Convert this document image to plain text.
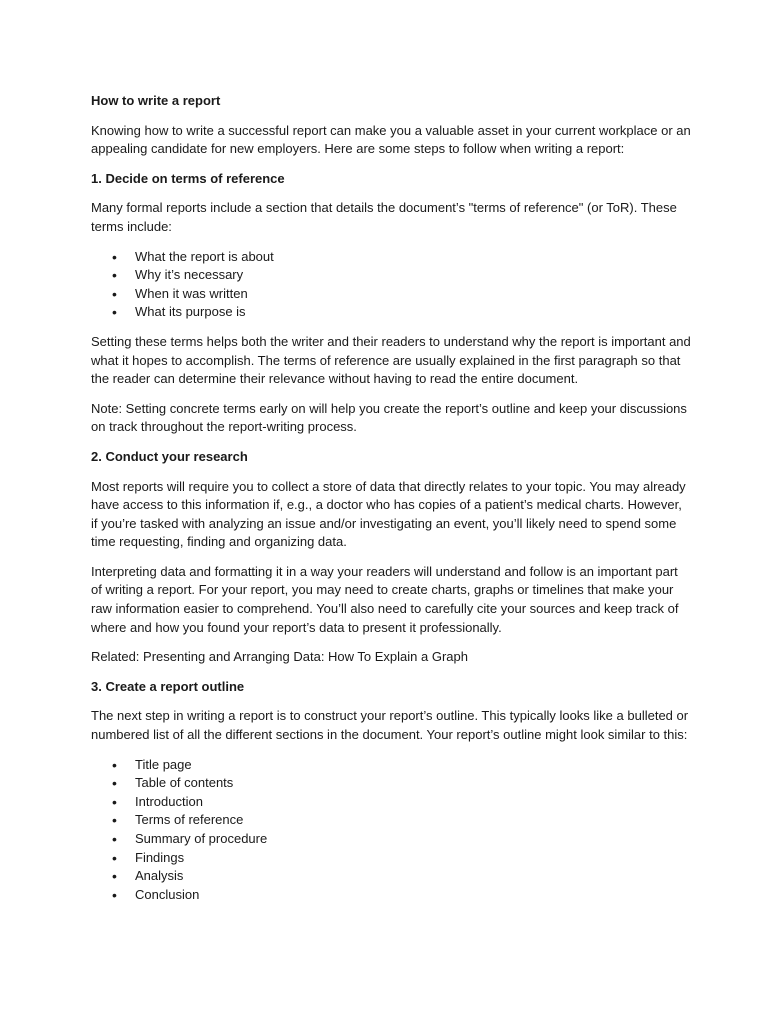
How to write a report
Knowing how to write a successful report can make you a valuable asset in your current workplace or an appealing candidate for new employers. Here are some steps to follow when writing a report:
1. Decide on terms of reference
Many formal reports include a section that details the document’s "terms of reference" (or ToR). These terms include:
• What the report is about
• Why it’s necessary
• When it was written
• What its purpose is
Setting these terms helps both the writer and their readers to understand why the report is important and what it hopes to accomplish. The terms of reference are usually explained in the first paragraph so that the reader can determine their relevance without having to read the entire document.
Note: Setting concrete terms early on will help you create the report’s outline and keep your discussions on track throughout the report-writing process.
2. Conduct your research
Most reports will require you to collect a store of data that directly relates to your topic. You may already have access to this information if, e.g., a doctor who has copies of a patient’s medical charts. However, if you’re tasked with analyzing an issue and/or investigating an event, you’ll likely need to spend some time requesting, finding and organizing data.
Interpreting data and formatting it in a way your readers will understand and follow is an important part of writing a report. For your report, you may need to create charts, graphs or timelines that make your raw information easier to comprehend. You’ll also need to carefully cite your sources and keep track of where and how you found your report’s data to present it professionally.
Related: Presenting and Arranging Data: How To Explain a Graph
3. Create a report outline
The next step in writing a report is to construct your report’s outline. This typically looks like a bulleted or numbered list of all the different sections in the document. Your report’s outline might look similar to this:
• Title page
• Table of contents
• Introduction
• Terms of reference
• Summary of procedure
• Findings
• Analysis
• Conclusion
